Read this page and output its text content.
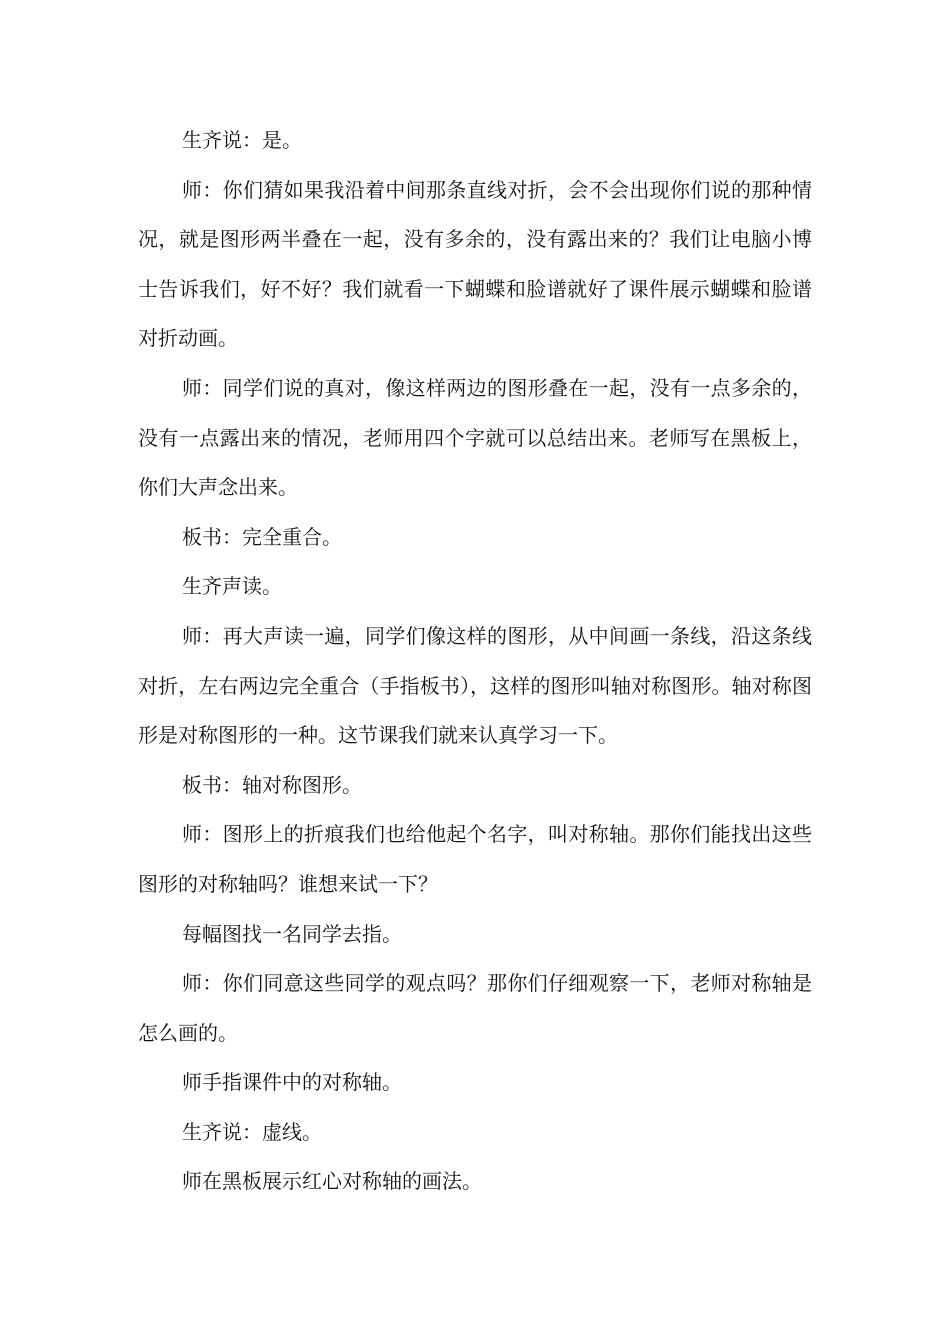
生齐说：是。

师：你们猜如果我沿着中间那条直线对折，会不会出现你们说的那种情况，就是图形两半叠在一起，没有多余的，没有露出来的？我们让电脑小博士告诉我们，好不好？我们就看一下蝴蝶和脸谱就好了课件展示蝴蝶和脸谱对折动画。

师：同学们说的真对，像这样两边的图形叠在一起，没有一点多余的，没有一点露出来的情况，老师用四个字就可以总结出来。老师写在黑板上，你们大声念出来。

板书：完全重合。

生齐声读。

师：再大声读一遍，同学们像这样的图形，从中间画一条线，沿这条线对折，左右两边完全重合（手指板书），这样的图形叫轴对称图形。轴对称图形是对称图形的一种。这节课我们就来认真学习一下。

板书：轴对称图形。

师：图形上的折痕我们也给他起个名字，叫对称轴。那你们能找出这些图形的对称轴吗？谁想来试一下？

每幅图找一名同学去指。

师：你们同意这些同学的观点吗？那你们仔细观察一下，老师对称轴是怎么画的。

师手指课件中的对称轴。

生齐说：虚线。

师在黑板展示红心对称轴的画法。
